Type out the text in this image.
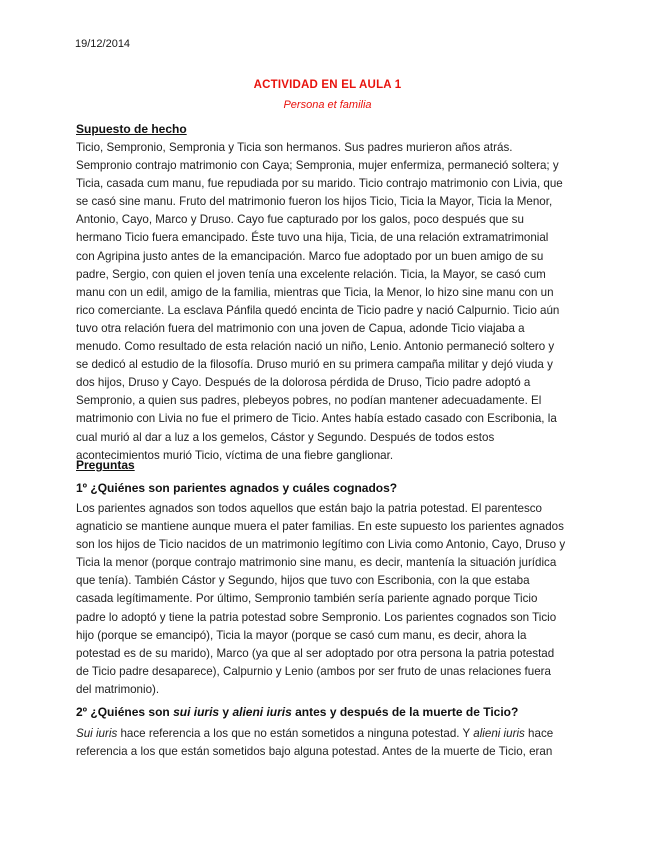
19/12/2014
ACTIVIDAD EN EL AULA 1
Persona et familia
Supuesto de hecho
Ticio, Sempronio, Sempronia y Ticia son hermanos. Sus padres murieron años atrás.
Sempronio contrajo matrimonio con Caya; Sempronia, mujer enfermiza, permaneció soltera; y
Ticia, casada cum manu, fue repudiada por su marido. Ticio contrajo matrimonio con Livia, que
se casó sine manu. Fruto del matrimonio fueron los hijos Ticio, Ticia la Mayor, Ticia la Menor,
Antonio, Cayo, Marco y Druso. Cayo fue capturado por los galos, poco después que su
hermano Ticio fuera emancipado. Éste tuvo una hija, Ticia, de una relación extramatrimonial
con Agripina justo antes de la emancipación. Marco fue adoptado por un buen amigo de su
padre, Sergio, con quien el joven tenía una excelente relación. Ticia, la Mayor, se casó cum
manu con un edil, amigo de la familia, mientras que Ticia, la Menor, lo hizo sine manu con un
rico comerciante. La esclava Pánfila quedó encinta de Ticio padre y nació Calpurnio. Ticio aún
tuvo otra relación fuera del matrimonio con una joven de Capua, adonde Ticio viajaba a
menudo. Como resultado de esta relación nació un niño, Lenio. Antonio permaneció soltero y
se dedicó al estudio de la filosofía. Druso murió en su primera campaña militar y dejó viuda y
dos hijos, Druso y Cayo. Después de la dolorosa pérdida de Druso, Ticio padre adoptó a
Sempronio, a quien sus padres, plebeyos pobres, no podían mantener adecuadamente. El
matrimonio con Livia no fue el primero de Ticio. Antes había estado casado con Escribonia, la
cual murió al dar a luz a los gemelos, Cástor y Segundo. Después de todos estos
acontecimientos murió Ticio, víctima de una fiebre ganglionar.
Preguntas
1º ¿Quiénes son parientes agnados y cuáles cognados?
Los parientes agnados son todos aquellos que están bajo la patria potestad. El parentesco
agnaticio se mantiene aunque muera el pater familias. En este supuesto los parientes agnados
son los hijos de Ticio nacidos de un matrimonio legítimo con Livia como Antonio, Cayo, Druso y
Ticia la menor (porque contrajo matrimonio sine manu, es decir, mantenía la situación jurídica
que tenía). También Cástor y Segundo, hijos que tuvo con Escribonia, con la que estaba
casada legítimamente. Por último, Sempronio también sería pariente agnado porque Ticio
padre lo adoptó y tiene la patria potestad sobre Sempronio. Los parientes cognados son Ticio
hijo (porque se emancipó), Ticia la mayor (porque se casó cum manu, es decir, ahora la
potestad es de su marido), Marco (ya que al ser adoptado por otra persona la patria potestad
de Ticio padre desaparece), Calpurnio y Lenio (ambos por ser fruto de unas relaciones fuera
del matrimonio).
2º ¿Quiénes son sui iuris y alieni iuris antes y después de la muerte de Ticio?
Sui iuris hace referencia a los que no están sometidos a ninguna potestad. Y alieni iuris hace
referencia a los que están sometidos bajo alguna potestad. Antes de la muerte de Ticio, eran
